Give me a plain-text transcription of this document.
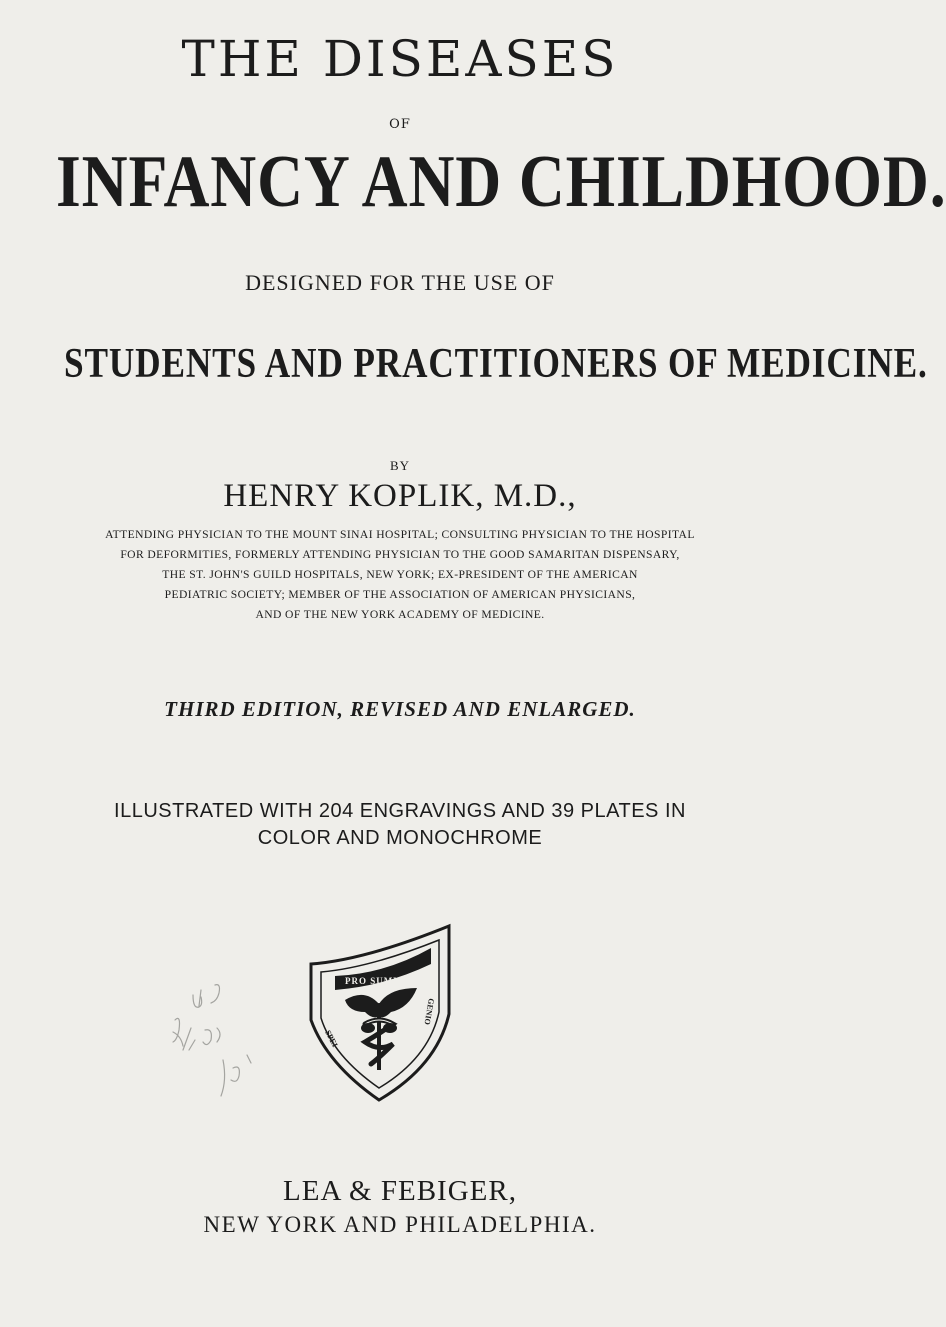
THE DISEASES
OF
INFANCY AND CHILDHOOD.
DESIGNED FOR THE USE OF
STUDENTS AND PRACTITIONERS OF MEDICINE.
BY
HENRY KOPLIK, M.D.,
ATTENDING PHYSICIAN TO THE MOUNT SINAI HOSPITAL; CONSULTING PHYSICIAN TO THE HOSPITAL
FOR DEFORMITIES, FORMERLY ATTENDING PHYSICIAN TO THE GOOD SAMARITAN DISPENSARY,
THE ST. JOHN'S GUILD HOSPITALS, NEW YORK; EX-PRESIDENT OF THE AMERICAN
PEDIATRIC SOCIETY; MEMBER OF THE ASSOCIATION OF AMERICAN PHYSICIANS,
AND OF THE NEW YORK ACADEMY OF MEDICINE.
THIRD EDITION, REVISED AND ENLARGED.
ILLUSTRATED WITH 204 ENGRAVINGS AND 39 PLATES IN
COLOR AND MONOCHROME
PRO SUMMIS
SPEI
GENIO
LEA & FEBIGER,
NEW YORK AND PHILADELPHIA.
